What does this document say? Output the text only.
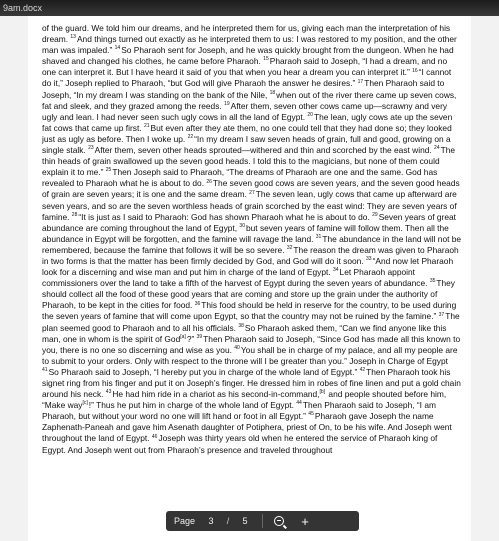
9am.docx

of the guard. We told him our dreams, and he interpreted them for us, giving each man the interpretation of his dream. $^{13}$And things turned out exactly as he interpreted them to us: I was restored to my position, and the other man was impaled.” $^{14}$So Pharaoh sent for Joseph, and he was quickly brought from the dungeon. When he had shaved and changed his clothes, he came before Pharaoh. $^{15}$Pharaoh said to Joseph, “I had a dream, and no one can interpret it. But I have heard it said of you that when you hear a dream you can interpret it.” $^{16}$“I cannot do it,” Joseph replied to Pharaoh, “but God will give Pharaoh the answer he desires.” $^{17}$Then Pharaoh said to Joseph, “In my dream I was standing on the bank of the Nile, $^{18}$when out of the river there came up seven cows, fat and sleek, and they grazed among the reeds. $^{19}$After them, seven other cows came up—scrawny and very ugly and lean. I had never seen such ugly cows in all the land of Egypt. $^{20}$The lean, ugly cows ate up the seven fat cows that came up first. $^{21}$But even after they ate them, no one could tell that they had done so; they looked just as ugly as before. Then I woke up. $^{22}$“In my dream I saw seven heads of grain, full and good, growing on a single stalk. $^{23}$After them, seven other heads sprouted—withered and thin and scorched by the east wind. $^{24}$The thin heads of grain swallowed up the seven good heads. I told this to the magicians, but none of them could explain it to me.” $^{25}$Then Joseph said to Pharaoh, “The dreams of Pharaoh are one and the same. God has revealed to Pharaoh what he is about to do. $^{26}$The seven good cows are seven years, and the seven good heads of grain are seven years; it is one and the same dream. $^{27}$The seven lean, ugly cows that came up afterward are seven years, and so are the seven worthless heads of grain scorched by the east wind: They are seven years of famine. $^{28}$“It is just as I said to Pharaoh: God has shown Pharaoh what he is about to do. $^{29}$Seven years of great abundance are coming throughout the land of Egypt, $^{30}$but seven years of famine will follow them. Then all the abundance in Egypt will be forgotten, and the famine will ravage the land. $^{31}$The abundance in the land will not be remembered, because the famine that follows it will be so severe. $^{32}$The reason the dream was given to Pharaoh in two forms is that the matter has been firmly decided by God, and God will do it soon. $^{33}$“And now let Pharaoh look for a discerning and wise man and put him in charge of the land of Egypt. $^{34}$Let Pharaoh appoint commissioners over the land to take a fifth of the harvest of Egypt during the seven years of abundance. $^{35}$They should collect all the food of these good years that are coming and store up the grain under the authority of Pharaoh, to be kept in the cities for food. $^{36}$This food should be held in reserve for the country, to be used during the seven years of famine that will come upon Egypt, so that the country may not be ruined by the famine.” $^{37}$The plan seemed good to Pharaoh and to all his officials. $^{38}$So Pharaoh asked them, “Can we find anyone like this man, one in whom is the spirit of God[a]?” $^{39}$Then Pharaoh said to Joseph, “Since God has made all this known to you, there is no one so discerning and wise as you. $^{40}$You shall be in charge of my palace, and all my people are to submit to your orders. Only with respect to the throne will I be greater than you.” Joseph in Charge of Egypt $^{41}$So Pharaoh said to Joseph, “I hereby put you in charge of the whole land of Egypt.” $^{42}$Then Pharaoh took his signet ring from his finger and put it on Joseph’s finger. He dressed him in robes of fine linen and put a gold chain around his neck. $^{43}$He had him ride in a chariot as his second-in-command,[b] and people shouted before him, “Make way[c]!” Thus he put him in charge of the whole land of Egypt. $^{44}$Then Pharaoh said to Joseph, “I am Pharaoh, but without your word no one will lift hand or foot in all Egypt.” $^{45}$Pharaoh gave Joseph the name Zaphenath-Paneah and gave him Asenath daughter of Potiphera, priest of On, to be his wife. And Joseph went throughout the land of Egypt. $^{46}$Joseph was thirty years old when he entered the service of Pharaoh king of Egypt. And Joseph went out from Pharaoh’s presence and traveled throughout

Page	3	/	5	+
